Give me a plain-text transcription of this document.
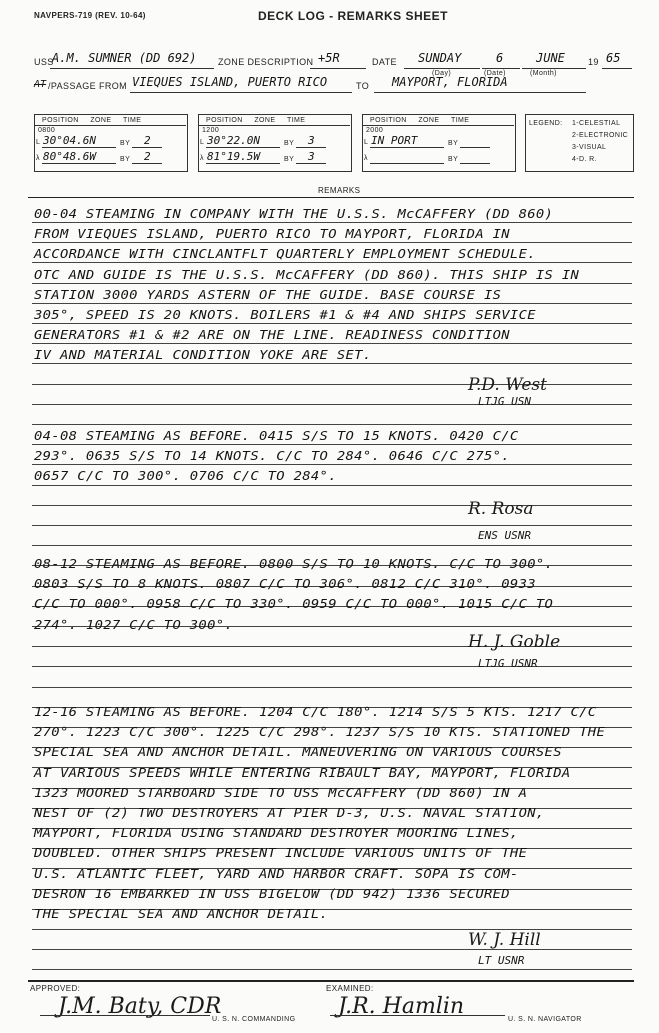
NAVPERS-719 (REV. 10-64)	DECK LOG - REMARKS SHEET
USS
A.M. SUMNER (DD 692) ZONE DESCRIPTION +5R	DATE SUNDAY	6	JUNE	19 65
(Day)	(Date)	(Month)
AT /PASSAGE FROM VIEQUES ISLAND, PUERTO RICO	TO MAYPORT, FLORIDA
POSITION     ZONE     TIME
0800
L 30°04.6N	BY 2
λ 80°48.6W	BY 2
POSITION     ZONE     TIME
1200
L 30°22.0N	BY 3
λ 81°19.5W	BY 3
POSITION     ZONE     TIME
2000
L IN PORT	BY
λ	BY
LEGEND: 1-CELESTIAL
2-ELECTRONIC
3-VISUAL
4-D. R.
REMARKS
00-04 STEAMING IN COMPANY WITH THE U.S.S. McCAFFERY (DD 860)
FROM VIEQUES ISLAND, PUERTO RICO TO MAYPORT, FLORIDA IN
ACCORDANCE WITH CINCLANTFLT QUARTERLY EMPLOYMENT SCHEDULE.
OTC AND GUIDE IS THE U.S.S. McCAFFERY (DD 860). THIS SHIP IS IN
STATION 3000 YARDS ASTERN OF THE GUIDE. BASE COURSE IS
305°, SPEED IS 20 KNOTS. BOILERS #1 & #4 AND SHIPS SERVICE
GENERATORS #1 & #2 ARE ON THE LINE. READINESS CONDITION
IV AND MATERIAL CONDITION YOKE ARE SET.
P.D. West
LTJG USN
04-08 STEAMING AS BEFORE. 0415 S/S TO 15 KNOTS. 0420 C/C
293°. 0635 S/S TO 14 KNOTS. C/C TO 284°. 0646 C/C 275°.
0657 C/C TO 300°. 0706 C/C TO 284°.
R. Rosa
ENS USNR
08-12 STEAMING AS BEFORE. 0800 S/S TO 10 KNOTS. C/C TO 300°.
0803 S/S TO 8 KNOTS. 0807 C/C TO 306°. 0812 C/C 310°. 0933
C/C TO 000°. 0958 C/C TO 330°. 0959 C/C TO 000°. 1015 C/C TO
274°. 1027 C/C TO 300°.
H. J. Goble
LTJG USNR
12-16 STEAMING AS BEFORE. 1204 C/C 180°. 1214 S/S 5 KTS. 1217 C/C
270°. 1223 C/C 300°. 1225 C/C 298°. 1237 S/S 10 KTS. STATIONED THE
SPECIAL SEA AND ANCHOR DETAIL. MANEUVERING ON VARIOUS COURSES
AT VARIOUS SPEEDS WHILE ENTERING RIBAULT BAY, MAYPORT, FLORIDA
1323 MOORED STARBOARD SIDE TO USS McCAFFERY (DD 860) IN A
NEST OF (2) TWO DESTROYERS AT PIER D-3, U.S. NAVAL STATION,
MAYPORT, FLORIDA USING STANDARD DESTROYER MOORING LINES,
DOUBLED. OTHER SHIPS PRESENT INCLUDE VARIOUS UNITS OF THE
U.S. ATLANTIC FLEET, YARD AND HARBOR CRAFT. SOPA IS COM-
DESRON 16 EMBARKED IN USS BIGELOW (DD 942) 1336 SECURED
THE SPECIAL SEA AND ANCHOR DETAIL.
W. J. Hill
LT USNR
APPROVED:
J.M. Baty, CDR
U. S. N. COMMANDING
EXAMINED:
J.R. Hamlin
U. S. N. NAVIGATOR
